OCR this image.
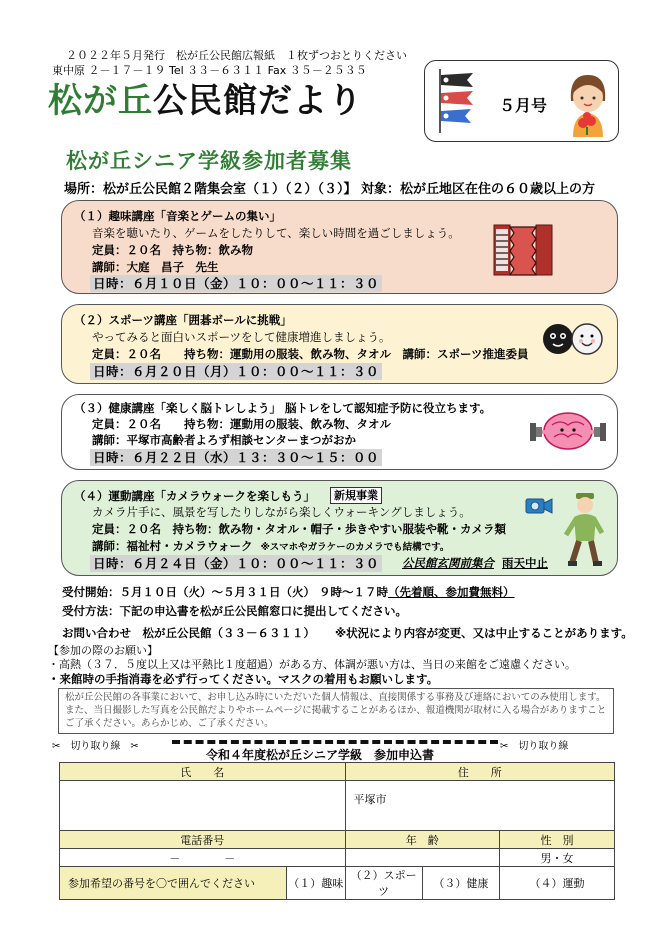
２０２２年５月発行　松が丘公民館広報紙　１枚ずつおとりください
東中原 ２－１７－１９ Tel ３３－６３１１ Fax ３５－２５３５
松が丘公民館だより	５月号
松が丘シニア学級参加者募集
場所：松が丘公民館２階集会室（１）（２）（３）】 対象：松が丘地区在住の６０歳以上の方
（１）趣味講座「音楽とゲームの集い」
音楽を聴いたり、ゲームをしたりして、楽しい時間を過ごしましょう。
定員：２０名　持ち物：飲み物
講師：大庭　昌子　先生
日時：６月１０日（金）１０：００～１１：３０
（２）スポーツ講座「囲碁ボールに挑戦」
やってみると面白いスポーツをして健康増進しましょう。
定員：２０名　　持ち物：運動用の服装、飲み物、タオル　講師：スポーツ推進委員
日時：６月２０日（月）１０：００～１１：３０
（３）健康講座「楽しく脳トレしよう」 脳トレをして認知症予防に役立ちます。
定員：２０名　　持ち物：運動用の服装、飲み物、タオル
講師：平塚市高齢者よろず相談センターまつがおか
日時：６月２２日（水）１３：３０～１５：００
（４）運動講座「カメラウォークを楽しもう」	新規事業
カメラ片手に、風景を写したりしながら楽しくウォーキングしましょう。
定員：２０名　持ち物：飲み物・タオル・帽子・歩きやすい服装や靴・カメラ類
講師：福祉村・カメラウォーク ※スマホやガラケーのカメラでも結構です。
日時：６月２４日（金）１０：００～１１：３０ 公民館玄関前集合 雨天中止
受付開始：５月１０日（火）～５月３１日（火） ９時～１７時（先着順、参加費無料）
受付方法：下記の申込書を松が丘公民館窓口に提出してください。
お問い合わせ　松が丘公民館（３３－６３１１） ※状況により内容が変更、又は中止することがあります。
【参加の際のお願い】
・高熱（３７．５度以上又は平熱比１度超過）がある方、体調が悪い方は、当日の来館をご遠慮ください。
・来館時の手指消毒を必ず行ってください。マスクの着用もお願いします。
松が丘公民館の各事業において、お申し込み時にいただいた個人情報は、直接関係する事務及び連絡においてのみ使用します。
また、当日撮影した写真を公民館だよりやホームページに掲載することがあるほか、報道機関が取材に入る場合がありますこと
ご了承ください。あらかじめ、ご了承ください。
✂　切り取り線　✂	✂　切り取り線
令和４年度松が丘シニア学級　参加申込書
氏　　名		住　　所		
		平塚市		
電話番号		年　齢		性　別
－　　　　－				男・女
参加希望の番号を〇で囲んでください	（１）趣味	（２）スポーツ	（３）健康	（４）運動
